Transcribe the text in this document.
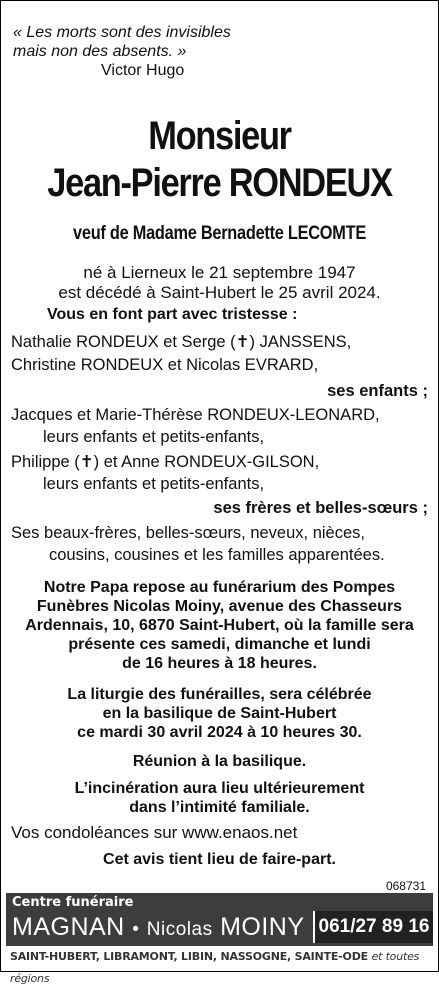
« Les morts sont des invisibles
mais non des absents. »
Victor Hugo
Monsieur
Jean-Pierre RONDEUX
veuf de Madame Bernadette LECOMTE
né à Lierneux le 21 septembre 1947
est décédé à Saint-Hubert le 25 avril 2024.
Vous en font part avec tristesse :
Nathalie RONDEUX et Serge (✝) JANSSENS,
Christine RONDEUX et Nicolas EVRARD,
ses enfants ;
Jacques et Marie-Thérèse RONDEUX-LEONARD,
leurs enfants et petits-enfants,
Philippe (✝) et Anne RONDEUX-GILSON,
leurs enfants et petits-enfants,
ses frères et belles-sœurs ;
Ses beaux-frères, belles-sœurs, neveux, nièces,
cousins, cousines et les familles apparentées.
Notre Papa repose au funérarium des Pompes
Funèbres Nicolas Moiny, avenue des Chasseurs
Ardennais, 10, 6870 Saint-Hubert, où la famille sera
présente ces samedi, dimanche et lundi
de 16 heures à 18 heures.
La liturgie des funérailles, sera célébrée
en la basilique de Saint-Hubert
ce mardi 30 avril 2024 à 10 heures 30.
Réunion à la basilique.
L’incinération aura lieu ultérieurement
dans l’intimité familiale.
Vos condoléances sur www.enaos.net
Cet avis tient lieu de faire-part.
068731
Centre funéraire
MAGNAN • Nicolas MOINY 061/27 89 16
SAINT-HUBERT, LIBRAMONT, LIBIN, NASSOGNE, SAINTE-ODE et toutes régions
